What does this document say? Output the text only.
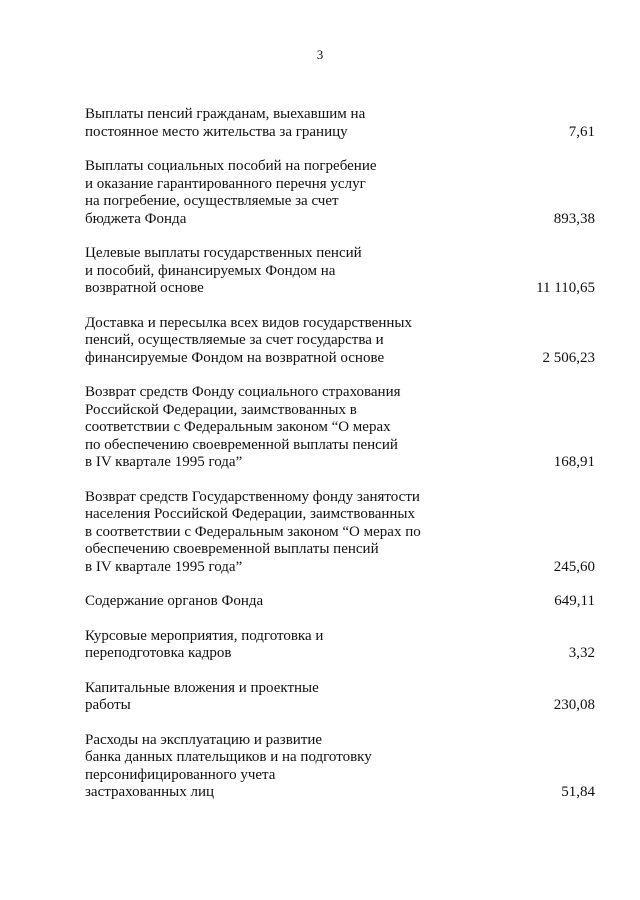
3
Выплаты пенсий гражданам, выехавшим на
постоянное место жительства за границу	7,61
Выплаты социальных пособий на погребение
и оказание гарантированного перечня услуг
на погребение, осуществляемые за счет
бюджета Фонда	893,38
Целевые выплаты государственных пенсий
и пособий, финансируемых Фондом на
возвратной основе	11 110,65
Доставка и пересылка всех видов государственных
пенсий, осуществляемые за счет государства и
финансируемые Фондом на возвратной основе	2 506,23
Возврат средств Фонду социального страхования
Российской Федерации, заимствованных в
соответствии с Федеральным законом “О мерах
по обеспечению своевременной выплаты пенсий
в IV квартале 1995 года”	168,91
Возврат средств Государственному фонду занятости
населения Российской Федерации, заимствованных
в соответствии с Федеральным законом “О мерах по
обеспечению своевременной выплаты пенсий
в IV квартале 1995 года”	245,60
Содержание органов Фонда	649,11
Курсовые мероприятия, подготовка и
переподготовка кадров	3,32
Капитальные вложения и проектные
работы	230,08
Расходы на эксплуатацию и развитие
банка данных плательщиков и на подготовку
персонифицированного учета
застрахованных лиц	51,84
